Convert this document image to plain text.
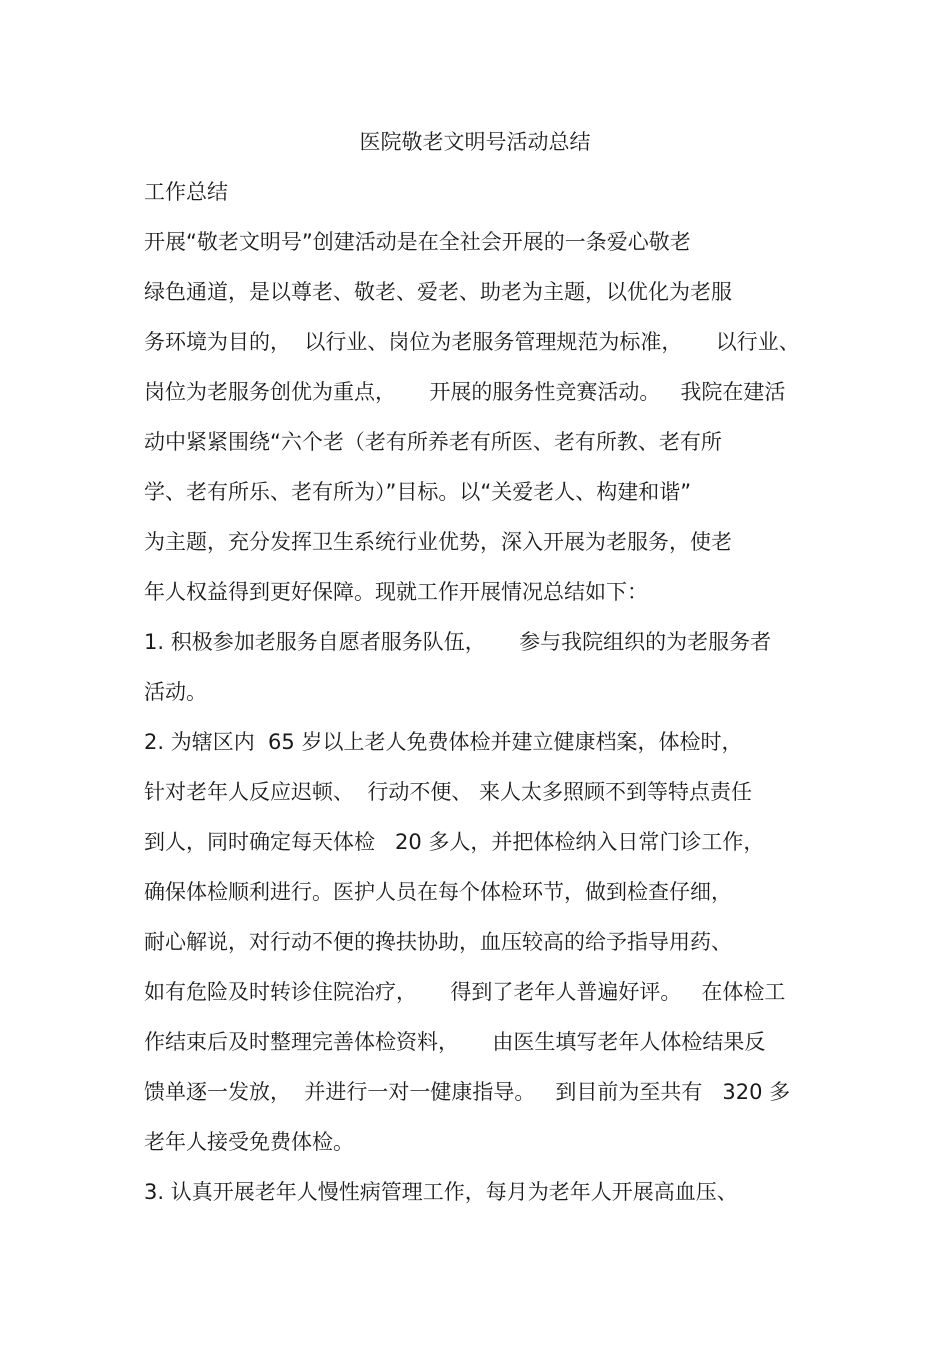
医院敬老文明号活动总结
工作总结
开展“敬老文明号”创建活动是在全社会开展的一条爱心敬老
绿色通道，是以尊老、敬老、爱老、助老为主题，以优化为老服
务环境为目的，  以行业、岗位为老服务管理规范为标准，     以行业、
岗位为老服务创优为重点，     开展的服务性竞赛活动。   我院在建活
动中紧紧围绕“六个老（老有所养老有所医、老有所教、老有所
学、老有所乐、老有所为）”目标。以“关爱老人、构建和谐”
为主题，充分发挥卫生系统行业优势，深入开展为老服务，使老
年人权益得到更好保障。现就工作开展情况总结如下：
1. 积极参加老服务自愿者服务队伍，     参与我院组织的为老服务者
活动。
2. 为辖区内  65 岁以上老人免费体检并建立健康档案，体检时，
针对老年人反应迟顿、  行动不便、 来人太多照顾不到等特点责任
到人，同时确定每天体检   20 多人，并把体检纳入日常门诊工作，
确保体检顺利进行。医护人员在每个体检环节，做到检查仔细，
耐心解说，对行动不便的搀扶协助，血压较高的给予指导用药、
如有危险及时转诊住院治疗，     得到了老年人普遍好评。   在体检工
作结束后及时整理完善体检资料，     由医生填写老年人体检结果反
馈单逐一发放，  并进行一对一健康指导。   到目前为至共有   320 多
老年人接受免费体检。
3. 认真开展老年人慢性病管理工作，每月为老年人开展高血压、
